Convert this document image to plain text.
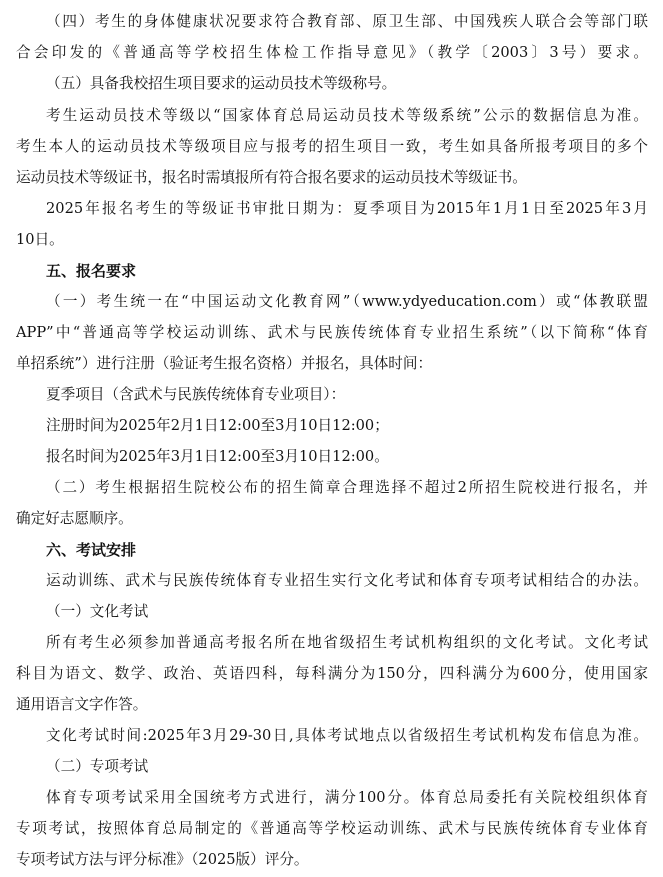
（四）考生的身体健康状况要求符合教育部、原卫生部、中国残疾人联合会等部门联
合会印发的《普通高等学校招生体检工作指导意见》（教学〔2003〕3号）要求。
（五）具备我校招生项目要求的运动员技术等级称号。
考生运动员技术等级以“国家体育总局运动员技术等级系统”公示的数据信息为准。
考生本人的运动员技术等级项目应与报考的招生项目一致，考生如具备所报考项目的多个
运动员技术等级证书，报名时需填报所有符合报名要求的运动员技术等级证书。
2025年报名考生的等级证书审批日期为：夏季项目为2015年1月1日至2025年3月
10日。
五、报名要求
（一）考生统一在“中国运动文化教育网”（www.ydyeducation.com）或“体教联盟
APP”中“普通高等学校运动训练、武术与民族传统体育专业招生系统”（以下简称“体育
单招系统”）进行注册（验证考生报名资格）并报名，具体时间：
夏季项目（含武术与民族传统体育专业项目）：
注册时间为2025年2月1日12:00至3月10日12:00；
报名时间为2025年3月1日12:00至3月10日12:00。
（二）考生根据招生院校公布的招生简章合理选择不超过2所招生院校进行报名，并
确定好志愿顺序。
六、考试安排
运动训练、武术与民族传统体育专业招生实行文化考试和体育专项考试相结合的办法。
（一）文化考试
所有考生必须参加普通高考报名所在地省级招生考试机构组织的文化考试。文化考试
科目为语文、数学、政治、英语四科，每科满分为150分，四科满分为600分，使用国家
通用语言文字作答。
文化考试时间:2025年3月29-30日,具体考试地点以省级招生考试机构发布信息为准。
（二）专项考试
体育专项考试采用全国统考方式进行，满分100分。体育总局委托有关院校组织体育
专项考试，按照体育总局制定的《普通高等学校运动训练、武术与民族传统体育专业体育
专项考试方法与评分标准》（2025版）评分。
